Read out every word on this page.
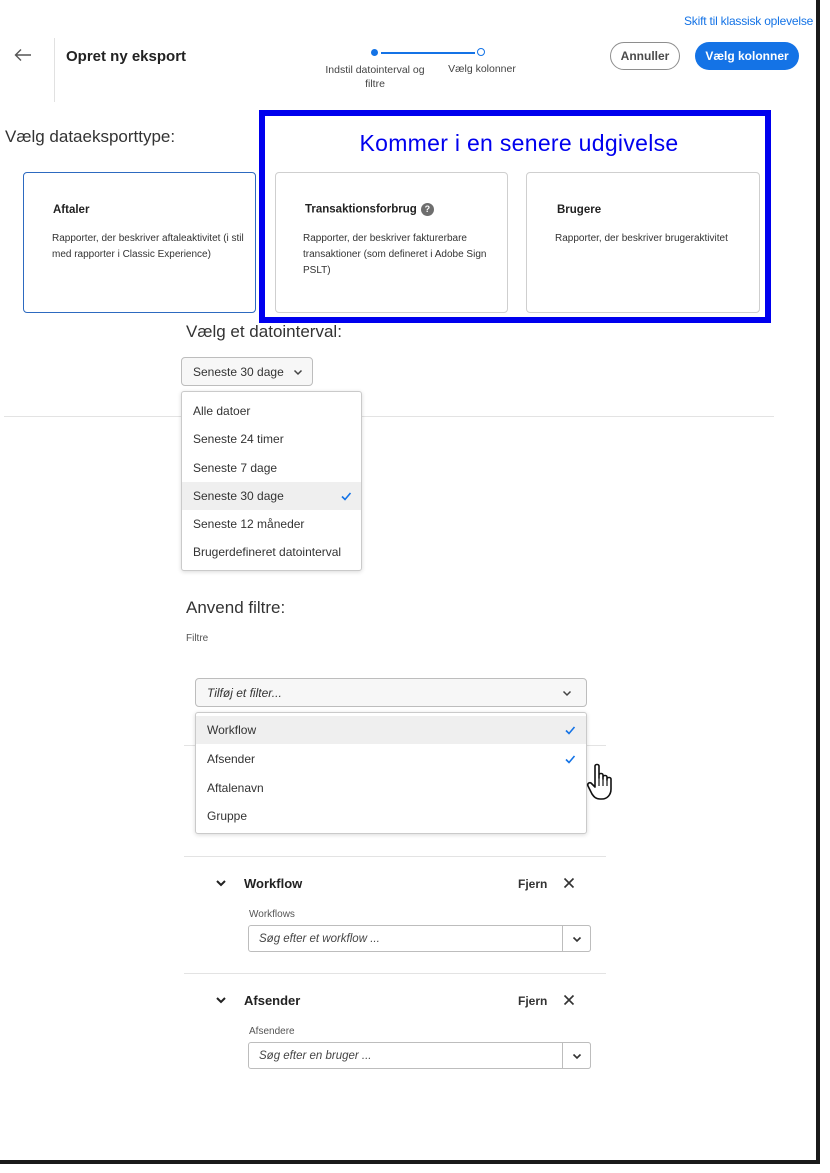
Skift til klassisk oplevelse
Opret ny eksport
Indstil datointerval og filtre
Vælg kolonner
Annuller	Vælg kolonner
Vælg dataeksporttype:
Aftaler
Rapporter, der beskriver aftaleaktivitet (i stil med rapporter i Classic Experience)
Transaktionsforbrug ?
Rapporter, der beskriver fakturerbare transaktioner (som defineret i Adobe Sign PSLT)
Brugere
Rapporter, der beskriver brugeraktivitet
Kommer i en senere udgivelse
Vælg et datointerval:
Seneste 30 dage
Alle datoer
Seneste 24 timer
Seneste 7 dage
Seneste 30 dage
Seneste 12 måneder
Brugerdefineret datointerval
Anvend filtre:
Filtre
Tilføj et filter...
Workflow
Afsender
Aftalenavn
Gruppe
Workflow	Fjern
Workflows
Søg efter et workflow ...
Afsender	Fjern
Afsendere
Søg efter en bruger ...
